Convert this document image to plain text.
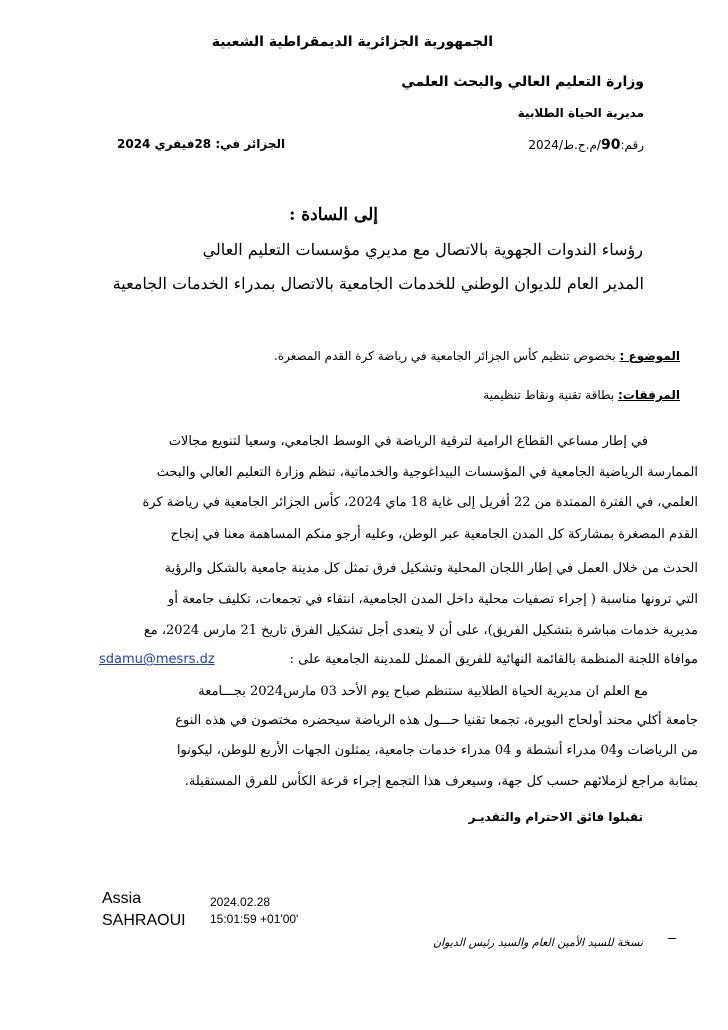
الجمهورية الجزائرية الديمقراطية الشعبية
وزارة التعليم العالي والبحث العلمي
مديرية الحياة الطلابية
رقم:90/م.ح.ط/2024
الجزائر في: 28فيفري 2024
إلى السادة :
رؤساء الندوات الجهوية بالاتصال مع مديري مؤسسات التعليم العالي
المدير العام للديوان الوطني للخدمات الجامعية بالاتصال بمدراء الخدمات الجامعية
الموضوع : بخصوص تنظيم كأس الجزائر الجامعية في رياضة كرة القدم المصغرة.
المرفقات: بطاقة تقنية ونقاط تنظيمية
في إطار مساعي القطاع الرامية لترقية الرياضة في الوسط الجامعي، وسعيا لتنويع مجالات
الممارسة الرياضية الجامعية في المؤسسات البيداغوجية والخدماتية، تنظم وزارة التعليم العالي والبحث
العلمي، في الفترة الممتدة من 22 أفريل إلى غاية 18 ماي 2024، كأس الجزائر الجامعية في رياضة كرة
القدم المصغرة بمشاركة كل المدن الجامعية عبر الوطن، وعليه أرجو منكم المساهمة معنا في إنجاح
الحدث من خلال العمل في إطار اللجان المحلية وتشكيل فرق تمثل كل مدينة جامعية بالشكل والرؤية
التي ترونها مناسبة ( إجراء تصفيات محلية داخل المدن الجامعية، انتقاء في تجمعات، تكليف جامعة أو
مديرية خدمات مباشرة بتشكيل الفريق)، على أن لا يتعدى أجل تشكيل الفرق تاريخ 21 مارس 2024، مع
موافاة اللجنة المنظمة بالقائمة النهائية للفريق الممثل للمدينة الجامعية على :
sdamu@mesrs.dz
مع العلم ان مديرية الحياة الطلابية ستنظم صباح يوم الأحد 03 مارس2024 بجـــامعة
جامعة أكلي محند أولحاج البويرة، تجمعا تقنيا حـــول هذه الرياضة سيحضره مختصون في هذه النوع
من الرياضات و04 مدراء أنشطة و 04 مدراء خدمات جامعية، يمثلون الجهات الأربع للوطن، ليكونوا
بمثابة مراجع لزملائهم حسب كل جهة، وسيعرف هذا التجمع إجراء قرعة الكأس للفرق المستقبلة.
تقبلوا فائق الاحترام والتقديـر
Assia
SAHRAOUI
2024.02.28
15:01:59 +01'00'
نسخة للسيد الأمين العام والسيد رئيس الديوان
